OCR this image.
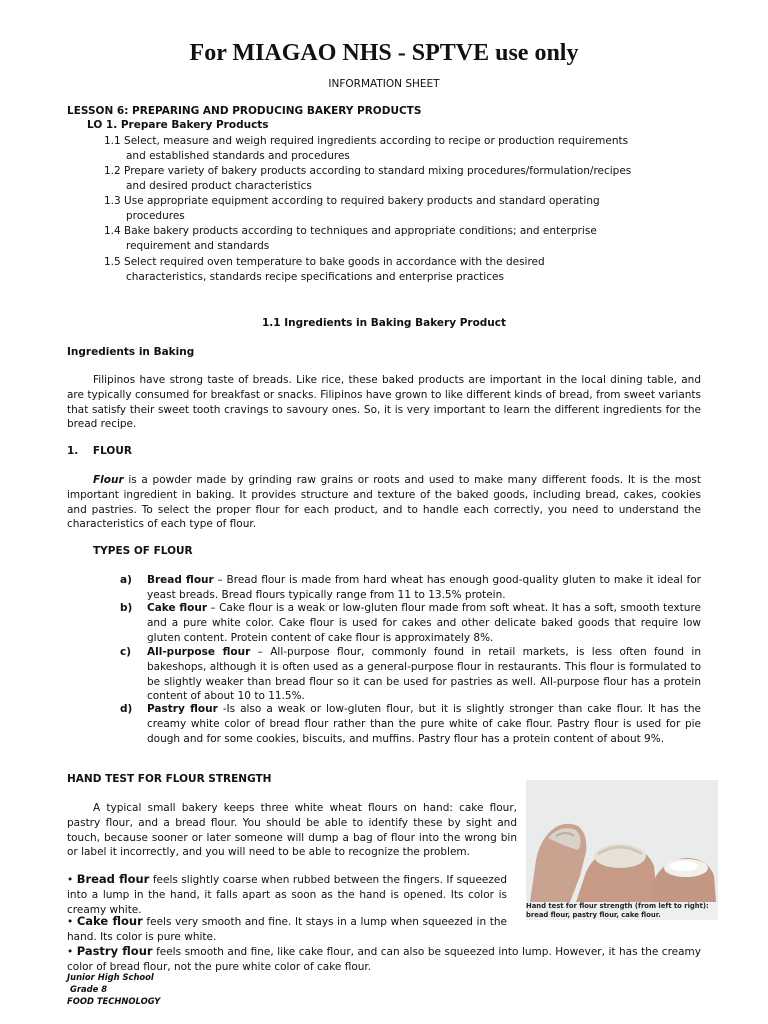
For MIAGAO NHS - SPTVE use only
INFORMATION SHEET
LESSON 6: PREPARING AND PRODUCING BAKERY PRODUCTS
LO 1. Prepare Bakery Products
1.1 Select, measure and weigh required ingredients according to recipe or production requirements
and established standards and procedures
1.2 Prepare variety of bakery products according to standard mixing procedures/formulation/recipes
and desired product characteristics
1.3 Use appropriate equipment according to required bakery products and standard operating
procedures
1.4 Bake bakery products according to techniques and appropriate conditions; and enterprise
requirement and standards
1.5 Select required oven temperature to bake goods in accordance with the desired
characteristics, standards recipe specifications and enterprise practices
1.1 Ingredients in Baking Bakery Product
Ingredients in Baking
Filipinos have strong taste of breads. Like rice, these baked products are important in the local dining table, and are typically consumed for breakfast or snacks. Filipinos have grown to like different kinds of bread, from sweet variants that satisfy their sweet tooth cravings to savoury ones. So, it is very important to learn the different ingredients for the bread recipe.
1.    FLOUR
Flour is a powder made by grinding raw grains or roots and used to make many different foods. It is the most important ingredient in baking. It provides structure and texture of the baked goods, including bread, cakes, cookies and pastries. To select the proper flour for each product, and to handle each correctly, you need to understand the characteristics of each type of flour.
TYPES OF FLOUR
a) Bread flour – Bread flour is made from hard wheat has enough good-quality gluten to make it ideal for yeast breads. Bread flours typically range from 11 to 13.5% protein.
b) Cake flour – Cake flour is a weak or low-gluten flour made from soft wheat. It has a soft, smooth texture and a pure white color. Cake flour is used for cakes and other delicate baked goods that require low gluten content. Protein content of cake flour is approximately 8%.
c) All-purpose flour – All-purpose flour, commonly found in retail markets, is less often found in bakeshops, although it is often used as a general-purpose flour in restaurants. This flour is formulated to be slightly weaker than bread flour so it can be used for pastries as well. All-purpose flour has a protein content of about 10 to 11.5%.
d) Pastry flour -Is also a weak or low-gluten flour, but it is slightly stronger than cake flour. It has the creamy white color of bread flour rather than the pure white of cake flour. Pastry flour is used for pie dough and for some cookies, biscuits, and muffins. Pastry flour has a protein content of about 9%.
HAND TEST FOR FLOUR STRENGTH
A typical small bakery keeps three white wheat flours on hand: cake flour, pastry flour, and a bread flour. You should be able to identify these by sight and touch, because sooner or later someone will dump a bag of flour into the wrong bin or label it incorrectly, and you will need to be able to recognize the problem.
• Bread flour feels slightly coarse when rubbed between the fingers. If squeezed into a lump in the hand, it falls apart as soon as the hand is opened. Its color is creamy white.
• Cake flour feels very smooth and fine. It stays in a lump when squeezed in the hand. Its color is pure white.
• Pastry flour feels smooth and fine, like cake flour, and can also be squeezed into lump. However, it has the creamy color of bread flour, not the pure white color of cake flour.
Hand test for flour strength (from left to right): bread flour, pastry flour, cake flour.
Junior High School
Grade 8
FOOD TECHNOLOGY
